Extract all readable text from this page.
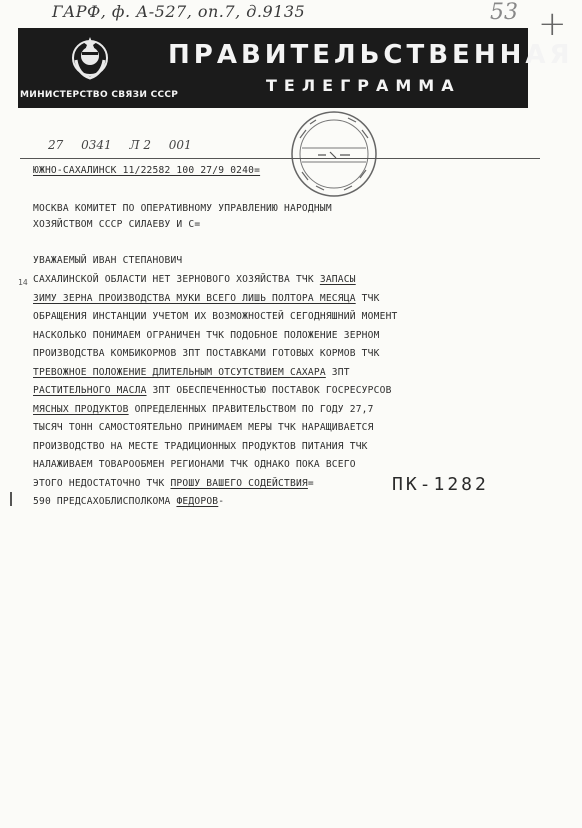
ГАРФ, ф. А-527, оп.7, д.9135	53 +
ПРАВИТЕЛЬСТВЕННАЯ
ТЕЛЕГРАММА
МИНИСТЕРСТВО СВЯЗИ СССР
27 0341 Л 2 001
ЮЖНО-САХАЛИНСК 11/22582 100 27/9 0240=
МОСКВА КОМИТЕТ ПО ОПЕРАТИВНОМУ УПРАВЛЕНИЮ НАРОДНЫМ
ХОЗЯЙСТВОМ СССР СИЛАЕВУ И С=
УВАЖАЕМЫЙ ИВАН СТЕПАНОВИЧ
14 САХАЛИНСКОЙ ОБЛАСТИ НЕТ ЗЕРНОВОГО ХОЗЯЙСТВА ТЧК ЗАПАСЫ
ЗИМУ ЗЕРНА ПРОИЗВОДСТВА МУКИ ВСЕГО ЛИШЬ ПОЛТОРА МЕСЯЦА ТЧК
ОБРАЩЕНИЯ ИНСТАНЦИИ УЧЕТОМ ИХ ВОЗМОЖНОСТЕЙ СЕГОДНЯШНИЙ МОМЕНТ
НАСКОЛЬКО ПОНИМАЕМ ОГРАНИЧЕН ТЧК ПОДОБНОЕ ПОЛОЖЕНИЕ ЗЕРНОМ
ПРОИЗВОДСТВА КОМБИКОРМОВ ЗПТ ПОСТАВКАМИ ГОТОВЫХ КОРМОВ ТЧК
ТРЕВОЖНОЕ ПОЛОЖЕНИЕ ДЛИТЕЛЬНЫМ ОТСУТСТВИЕМ САХАРА ЗПТ
РАСТИТЕЛЬНОГО МАСЛА ЗПТ ОБЕСПЕЧЕННОСТЬЮ ПОСТАВОК ГОСРЕСУРСОВ
МЯСНЫХ ПРОДУКТОВ ОПРЕДЕЛЕННЫХ ПРАВИТЕЛЬСТВОМ ПО ГОДУ 27,7
ТЫСЯЧ ТОНН САМОСТОЯТЕЛЬНО ПРИНИМАЕМ МЕРЫ ТЧК НАРАЩИВАЕТСЯ
ПРОИЗВОДСТВО НА МЕСТЕ ТРАДИЦИОННЫХ ПРОДУКТОВ ПИТАНИЯ ТЧК
НАЛАЖИВАЕМ ТОВАРООБМЕН РЕГИОНАМИ ТЧК ОДНАКО ПОКА ВСЕГО
ЭТОГО НЕДОСТАТОЧНО ТЧК ПРОШУ ВАШЕГО СОДЕЙСТВИЯ=
590 ПРЕДСАХОБЛИСПОЛКОМА ФЕДОРОВ-
ПК-1282
